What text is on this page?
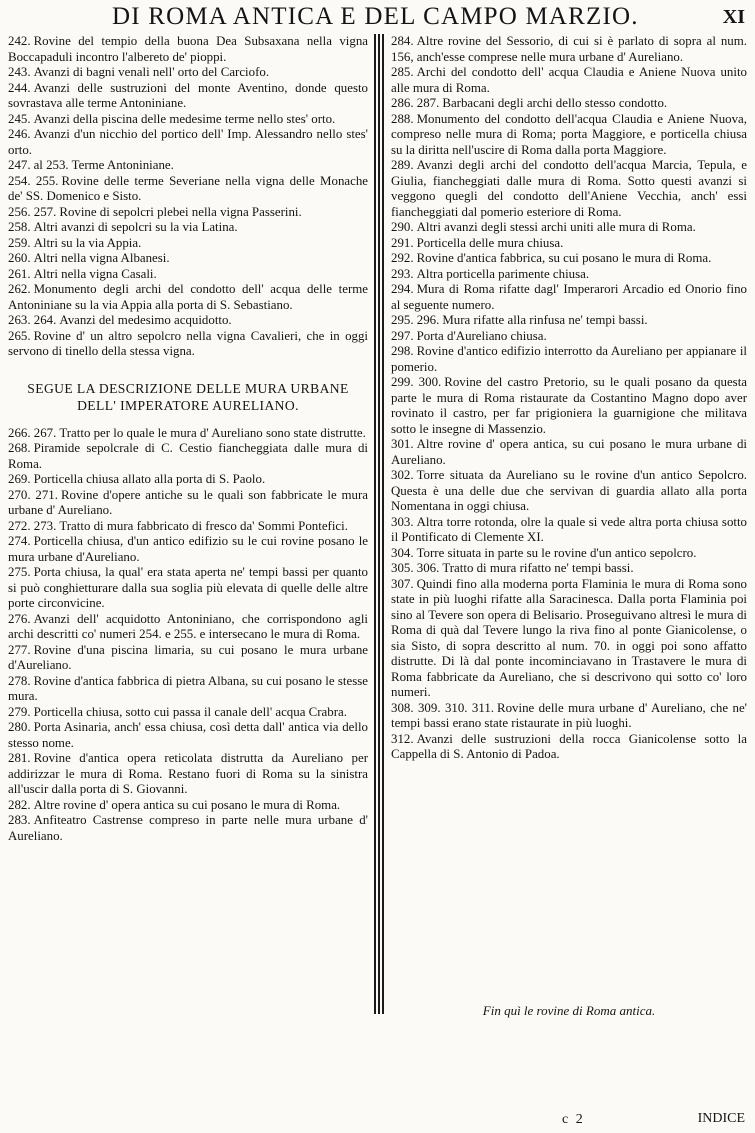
DI ROMA ANTICA E DEL CAMPO MARZIO.	XI
242. Rovine del tempio della buona Dea Subsaxana nella vigna Boccapaduli incontro l'albereto de' pioppi.
243. Avanzi di bagni venali nell' orto del Carciofo.
244. Avanzi delle sustruzioni del monte Aventino, donde questo sovrastava alle terme Antoniniane.
245. Avanzi della piscina delle medesime terme nello stes' orto.
246. Avanzi d'un nicchio del portico dell' Imp. Alessandro nello stes' orto.
247. al 253. Terme Antoniniane.
254. 255. Rovine delle terme Severiane nella vigna delle Monache de' SS. Domenico e Sisto.
256. 257. Rovine di sepolcri plebei nella vigna Passerini.
258. Altri avanzi di sepolcri su la via Latina.
259. Altri su la via Appia.
260. Altri nella vigna Albanesi.
261. Altri nella vigna Casali.
262. Monumento degli archi del condotto dell' acqua delle terme Antoniniane su la via Appia alla porta di S. Sebastiano.
263. 264. Avanzi del medesimo acquidotto.
265. Rovine d' un altro sepolcro nella vigna Cavalieri, che in oggi servono di tinello della stessa vigna.
SEGUE LA DESCRIZIONE DELLE MURA URBANE DELL' IMPERATORE AURELIANO.
266. 267. Tratto per lo quale le mura d' Aureliano sono state distrutte.
268. Piramide sepolcrale di C. Cestio fiancheggiata dalle mura di Roma.
269. Porticella chiusa allato alla porta di S. Paolo.
270. 271. Rovine d'opere antiche su le quali son fabbricate le mura urbane d' Aureliano.
272. 273. Tratto di mura fabbricato di fresco da' Sommi Pontefici.
274. Porticella chiusa, d'un antico edifizio su le cui rovine posano le mura urbane d'Aureliano.
275. Porta chiusa, la qual' era stata aperta ne' tempi bassi per quanto si può conghietturare dalla sua soglia più elevata di quelle delle altre porte circonvicine.
276. Avanzi dell' acquidotto Antoniniano, che corrispondono agli archi descritti co' numeri 254. e 255. e intersecano le mura di Roma.
277. Rovine d'una piscina limaria, su cui posano le mura urbane d'Aureliano.
278. Rovine d'antica fabbrica di pietra Albana, su cui posano le stesse mura.
279. Porticella chiusa, sotto cui passa il canale dell' acqua Crabra.
280. Porta Asinaria, anch' essa chiusa, così detta dall' antica via dello stesso nome.
281. Rovine d'antica opera reticolata distrutta da Aureliano per addirizzar le mura di Roma. Restano fuori di Roma su la sinistra all'uscir dalla porta di S. Giovanni.
282. Altre rovine d' opera antica su cui posano le mura di Roma.
283. Anfiteatro Castrense compreso in parte nelle mura urbane d' Aureliano.
284. Altre rovine del Sessorio, di cui si è parlato di sopra al num. 156, anch'esse comprese nelle mura urbane d' Aureliano.
285. Archi del condotto dell' acqua Claudia e Aniene Nuova unito alle mura di Roma.
286. 287. Barbacani degli archi dello stesso condotto.
288. Monumento del condotto dell'acqua Claudia e Aniene Nuova, compreso nelle mura di Roma; porta Maggiore, e porticella chiusa su la diritta nell'uscire di Roma dalla porta Maggiore.
289. Avanzi degli archi del condotto dell'acqua Marcia, Tepula, e Giulia, fiancheggiati dalle mura di Roma. Sotto questi avanzi si veggono quegli del condotto dell'Aniene Vecchia, anch' essi fiancheggiati dal pomerio esteriore di Roma.
290. Altri avanzi degli stessi archi uniti alle mura di Roma.
291. Porticella delle mura chiusa.
292. Rovine d'antica fabbrica, su cui posano le mura di Roma.
293. Altra porticella parimente chiusa.
294. Mura di Roma rifatte dagl' Imperarori Arcadio ed Onorio fino al seguente numero.
295. 296. Mura rifatte alla rinfusa ne' tempi bassi.
297. Porta d'Aureliano chiusa.
298. Rovine d'antico edifizio interrotto da Aureliano per appianare il pomerio.
299. 300. Rovine del castro Pretorio, su le quali posano da questa parte le mura di Roma ristaurate da Costantino Magno dopo aver rovinato il castro, per far prigioniera la guarnigione che militava sotto le insegne di Massenzio.
301. Altre rovine d' opera antica, su cui posano le mura urbane di Aureliano.
302. Torre situata da Aureliano su le rovine d'un antico Sepolcro. Questa è una delle due che servivan di guardia allato alla porta Nomentana in oggi chiusa.
303. Altra torre rotonda, olre la quale si vede altra porta chiusa sotto il Pontificato di Clemente XI.
304. Torre situata in parte su le rovine d'un antico sepolcro.
305. 306. Tratto di mura rifatto ne' tempi bassi.
307. Quindi fino alla moderna porta Flaminia le mura di Roma sono state in più luoghi rifatte alla Saracinesca. Dalla porta Flaminia poi sino al Tevere son opera di Belisario. Proseguivano altresì le mura di Roma di quà dal Tevere lungo la riva fino al ponte Gianicolense, o sia Sisto, di sopra descritto al num. 70. in oggi poi sono affatto distrutte. Di là dal ponte incominciavano in Trastavere le mura di Roma fabbricate da Aureliano, che si descrivono qui sotto co' loro numeri.
308. 309. 310. 311. Rovine delle mura urbane d' Aureliano, che ne' tempi bassi erano state ristaurate in più luoghi.
312. Avanzi delle sustruzioni della rocca Gianicolense sotto la Cappella di S. Antonio di Padoa.
Fin quì le rovine di Roma antica.
c 2	INDICE
